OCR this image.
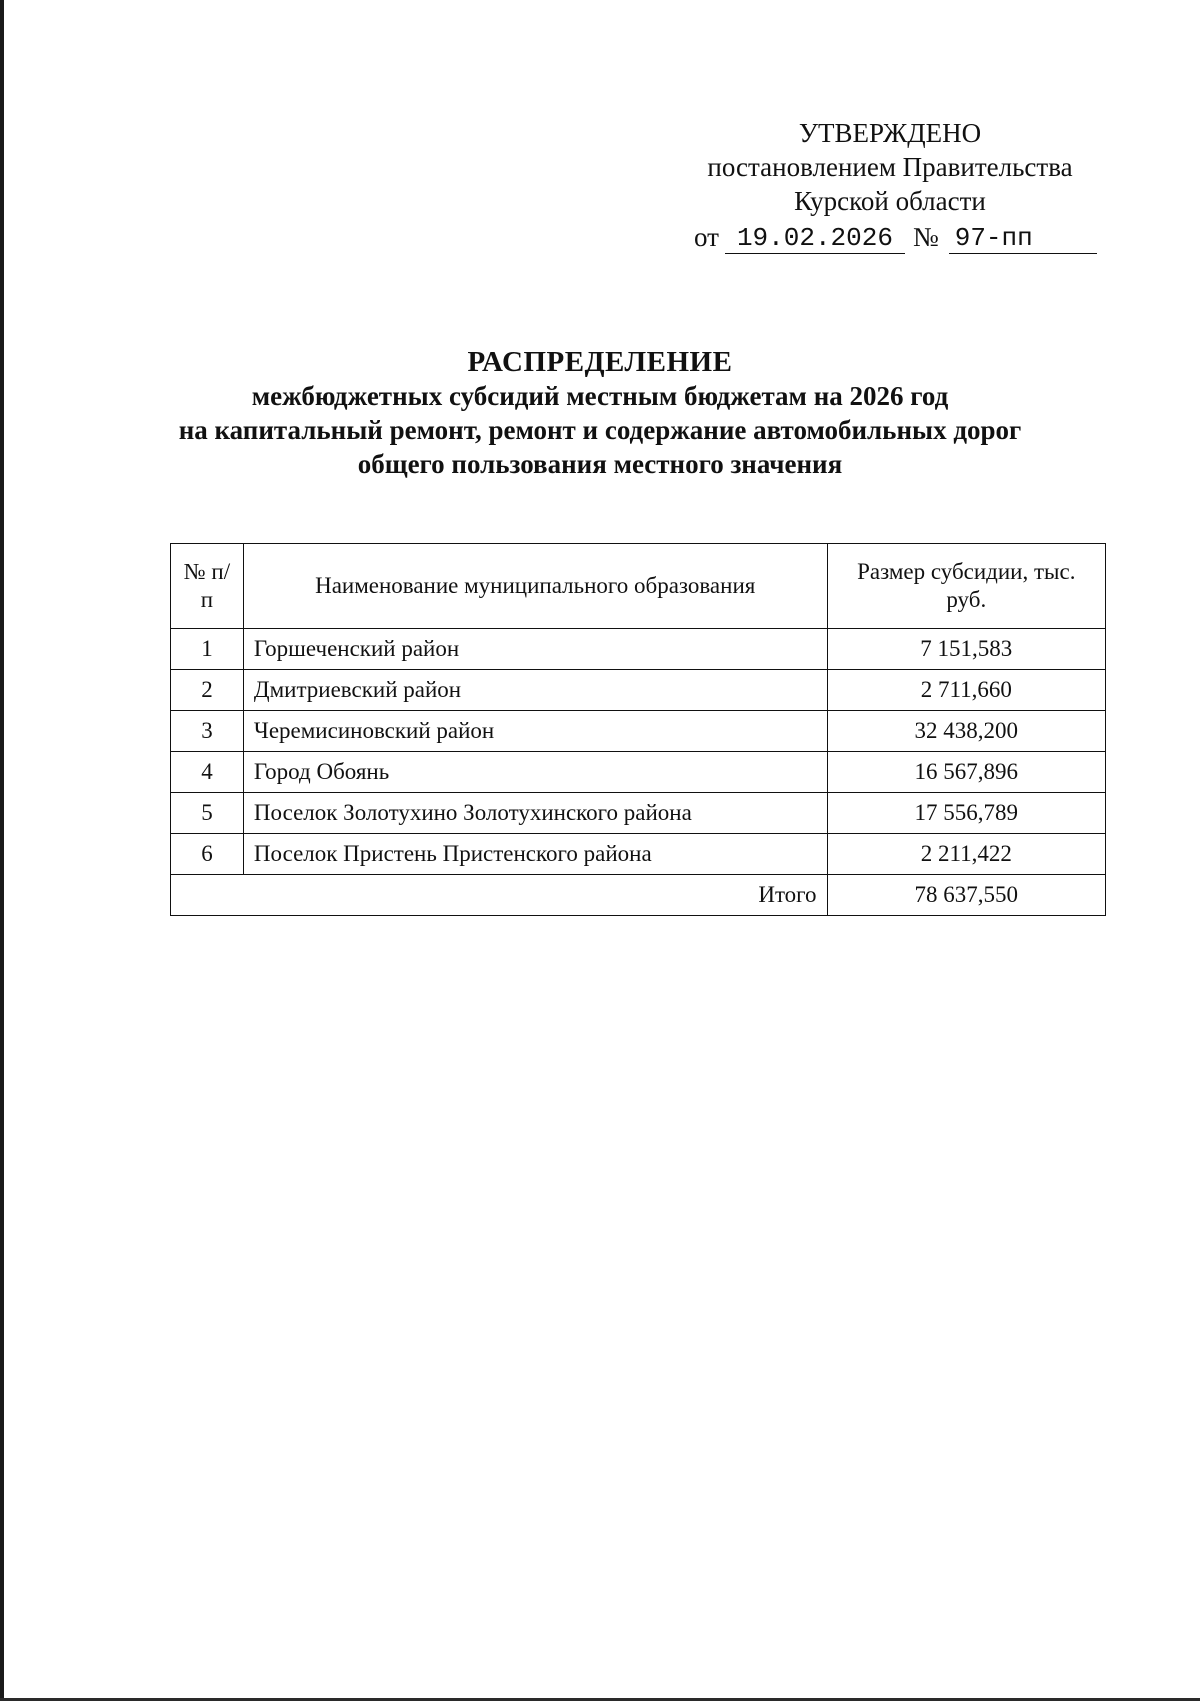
УТВЕРЖДЕНО
постановлением Правительства
Курской области
от 19.02.2026 № 97-пп
РАСПРЕДЕЛЕНИЕ
межбюджетных субсидий местным бюджетам на 2026 год
на капитальный ремонт, ремонт и содержание автомобильных дорог
общего пользования местного значения
№ п/п	Наименование муниципального образования	Размер субсидии, тыс. руб.
1	Горшеченский район	7 151,583
2	Дмитриевский район	2 711,660
3	Черемисиновский район	32 438,200
4	Город Обоянь	16 567,896
5	Поселок Золотухино Золотухинского района	17 556,789
6	Поселок Пристень Пристенского района	2 211,422
Итого		78 637,550
